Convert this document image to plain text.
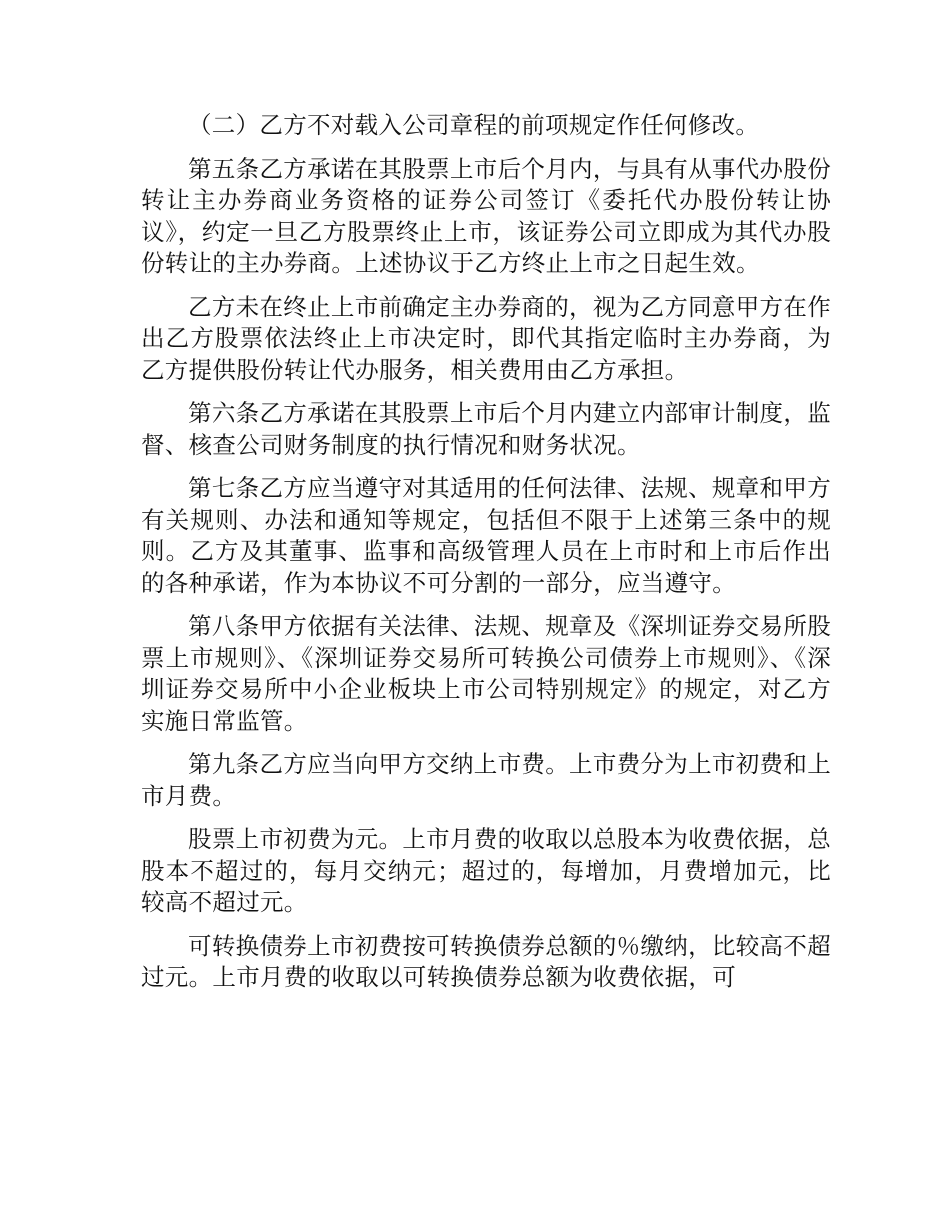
（二）乙方不对载入公司章程的前项规定作任何修改。

第五条乙方承诺在其股票上市后个月内，与具有从事代办股份转让主办券商业务资格的证券公司签订《委托代办股份转让协议》，约定一旦乙方股票终止上市，该证券公司立即成为其代办股份转让的主办券商。上述协议于乙方终止上市之日起生效。

乙方未在终止上市前确定主办券商的，视为乙方同意甲方在作出乙方股票依法终止上市决定时，即代其指定临时主办券商，为乙方提供股份转让代办服务，相关费用由乙方承担。

第六条乙方承诺在其股票上市后个月内建立内部审计制度，监督、核查公司财务制度的执行情况和财务状况。

第七条乙方应当遵守对其适用的任何法律、法规、规章和甲方有关规则、办法和通知等规定，包括但不限于上述第三条中的规则。乙方及其董事、监事和高级管理人员在上市时和上市后作出的各种承诺，作为本协议不可分割的一部分，应当遵守。

第八条甲方依据有关法律、法规、规章及《深圳证券交易所股票上市规则》、《深圳证券交易所可转换公司债券上市规则》、《深圳证券交易所中小企业板块上市公司特别规定》的规定，对乙方实施日常监管。

第九条乙方应当向甲方交纳上市费。上市费分为上市初费和上市月费。

股票上市初费为元。上市月费的收取以总股本为收费依据，总股本不超过的，每月交纳元；超过的，每增加，月费增加元，比较高不超过元。

可转换债券上市初费按可转换债券总额的％缴纳，比较高不超过元。上市月费的收取以可转换债券总额为收费依据，可
